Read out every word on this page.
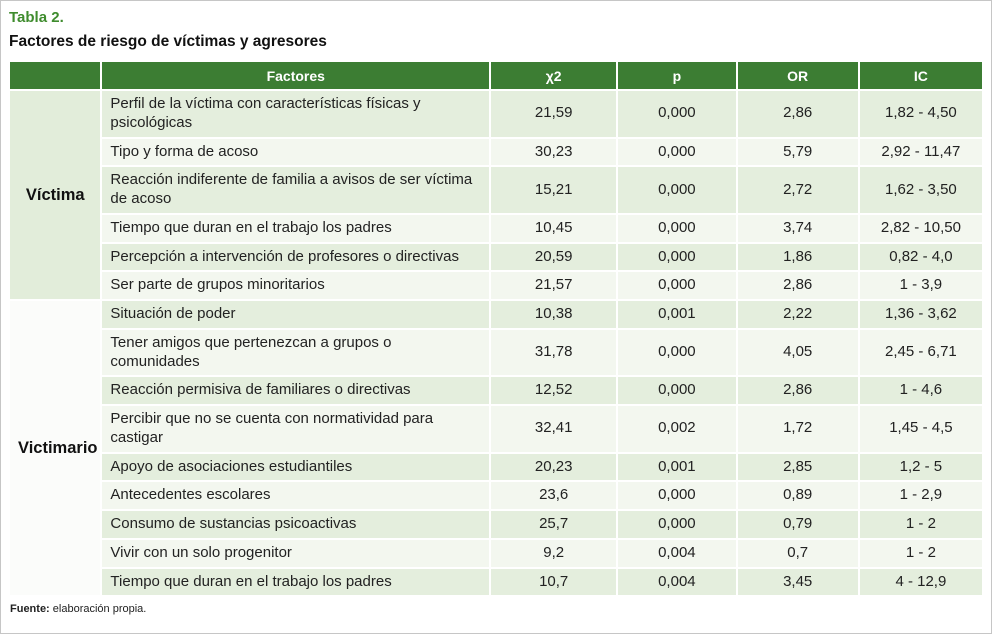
Tabla 2.
Factores de riesgo de víctimas y agresores
	Factores	χ2	p	OR	IC
Víctima	Perfil de la víctima con características físicas y psicológicas	21,59	0,000	2,86	1,82 - 4,50
	Tipo y forma de acoso	30,23	0,000	5,79	2,92 - 11,47
	Reacción indiferente de familia a avisos de ser víctima de acoso	15,21	0,000	2,72	1,62 - 3,50
	Tiempo que duran en el trabajo los padres	10,45	0,000	3,74	2,82 - 10,50
	Percepción a intervención de profesores o directivas	20,59	0,000	1,86	0,82 - 4,0
	Ser parte de grupos minoritarios	21,57	0,000	2,86	1 - 3,9
Victimario	Situación de poder	10,38	0,001	2,22	1,36 - 3,62
	Tener amigos que pertenezcan a grupos o comunidades	31,78	0,000	4,05	2,45 - 6,71
	Reacción permisiva de familiares o directivas	12,52	0,000	2,86	1 - 4,6
	Percibir que no se cuenta con normatividad para castigar	32,41	0,002	1,72	1,45 - 4,5
	Apoyo de asociaciones estudiantiles	20,23	0,001	2,85	1,2 - 5
	Antecedentes escolares	23,6	0,000	0,89	1 - 2,9
	Consumo de sustancias psicoactivas	25,7	0,000	0,79	1 - 2
	Vivir con un solo progenitor	9,2	0,004	0,7	1 - 2
	Tiempo que duran en el trabajo los padres	10,7	0,004	3,45	4 - 12,9
Fuente: elaboración propia.
